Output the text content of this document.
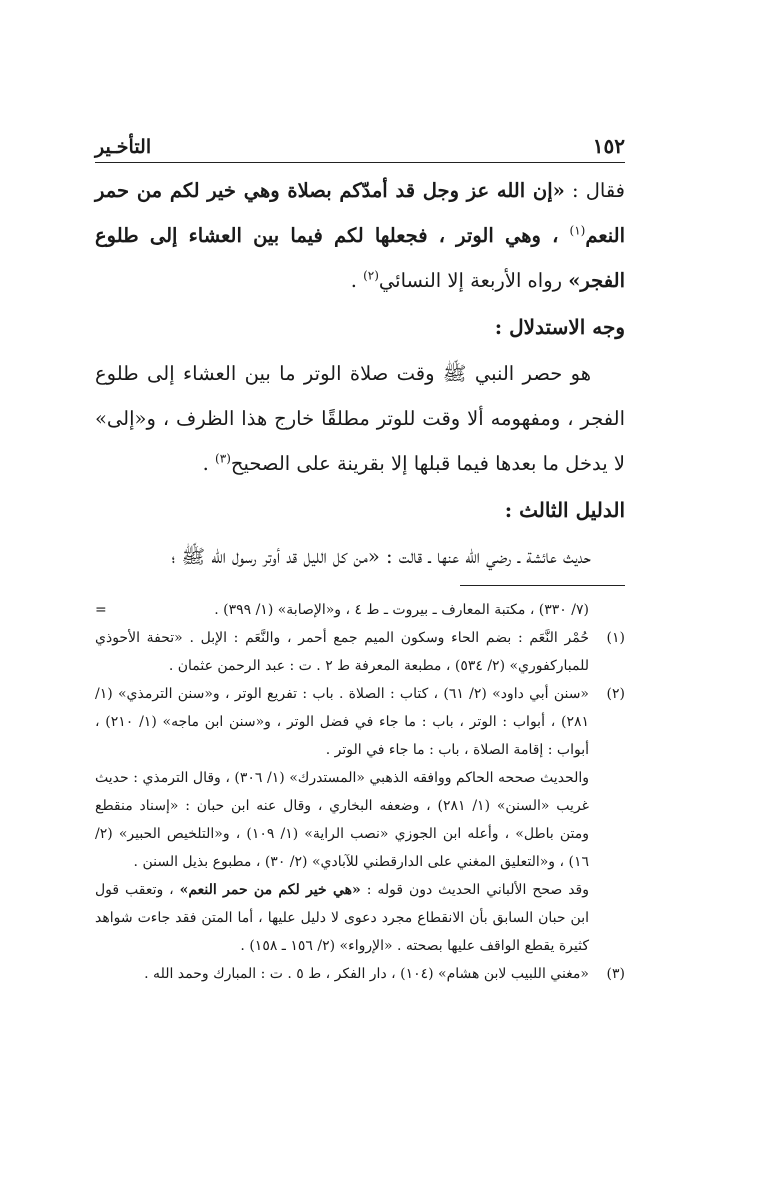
١٥٢
التأخـير

فقال : «إن الله عز وجل قد أمدّكم بصلاة وهي خير لكم من حمر النعم$^{(١)}$ ، وهي الوتر ، فجعلها لكم فيما بين العشاء إلى طلوع الفجر» رواه الأربعة إلا النسائي$^{(٢)}$ .

وجه الاستدلال :

هو حصر النبي ﷺ وقت صلاة الوتر ما بين العشاء إلى طلوع الفجر ، ومفهومه ألا وقت للوتر مطلقًا خارج هذا الظرف ، و«إلى» لا يدخل ما بعدها فيما قبلها إلا بقرينة على الصحيح$^{(٣)}$ .

الدليل الثالث :

حديث عائشة ـ رضي الله عنها ـ قالت : «من كل الليل قد أوتر رسول الله ﷺ ؛

=	(٧/ ٣٣٠) ، مكتبة المعارف ـ بيروت ـ ط ٤ ، و«الإصابة» (١/ ٣٩٩) .

(١)
حُمْر النَّعَم : بضم الحاء وسكون الميم جمع أحمر ، والنَّعَم : الإبل . «تحفة الأحوذي للمباركفوري» (٢/ ٥٣٤) ، مطبعة المعرفة ط ٢ . ت : عبد الرحمن عثمان .

(٢)
«سنن أبي داود» (٢/ ٦١) ، كتاب : الصلاة . باب : تفريع الوتر ، و«سنن الترمذي» (١/ ٢٨١) ، أبواب : الوتر ، باب : ما جاء في فضل الوتر ، و«سنن ابن ماجه» (١/ ٢١٠) ، أبواب : إقامة الصلاة ، باب : ما جاء في الوتر .

والحديث صححه الحاكم ووافقه الذهبي «المستدرك» (١/ ٣٠٦) ، وقال الترمذي : حديث غريب «السنن» (١/ ٢٨١) ، وضعفه البخاري ، وقال عنه ابن حبان : «إسناد منقطع ومتن باطل» ، وأعله ابن الجوزي «نصب الراية» (١/ ١٠٩) ، و«التلخيص الحبير» (٢/ ١٦) ، و«التعليق المغني على الدارقطني للآبادي» (٢/ ٣٠) ، مطبوع بذيل السنن .

وقد صحح الألباني الحديث دون قوله : «هي خير لكم من حمر النعم» ، وتعقب قول ابن حبان السابق بأن الانقطاع مجرد دعوى لا دليل عليها ، أما المتن فقد جاءت شواهد كثيرة يقطع الواقف عليها بصحته . «الإرواء» (٢/ ١٥٦ ـ ١٥٨) .

(٣)
«مغني اللبيب لابن هشام» (١٠٤) ، دار الفكر ، ط ٥ . ت : المبارك وحمد الله .
